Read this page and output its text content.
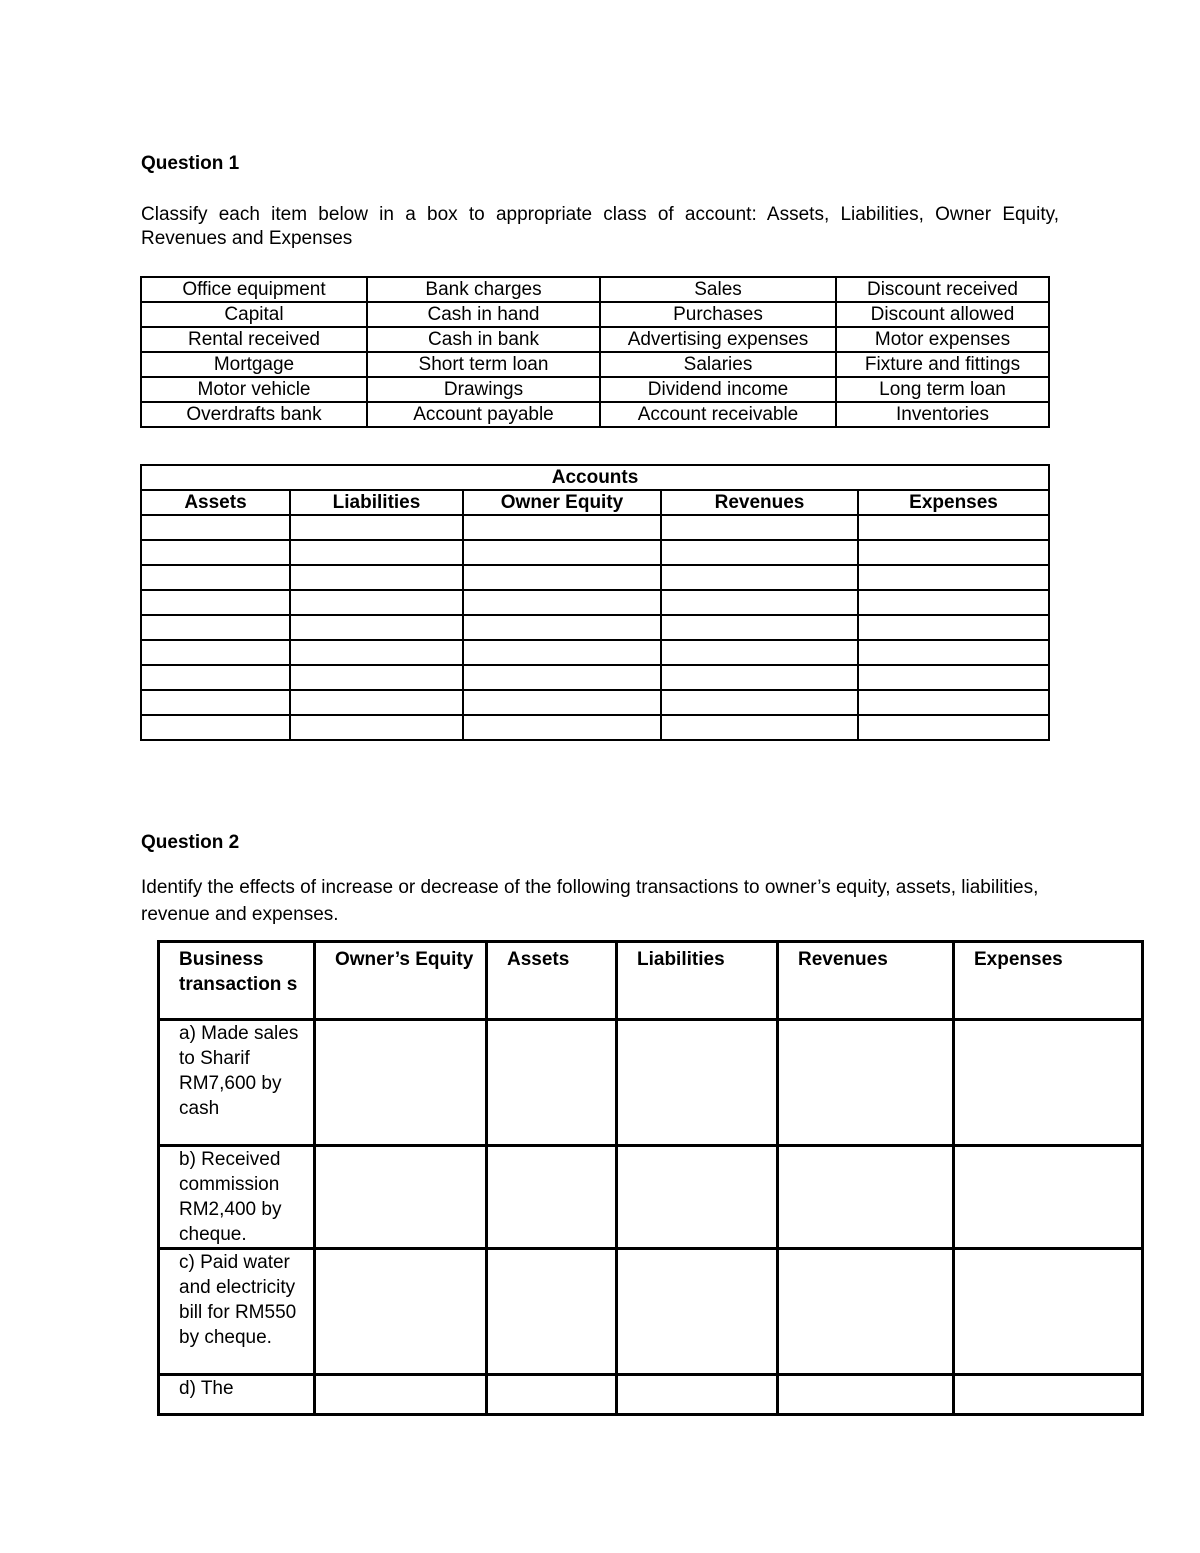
Question 1

Classify each item below in a box to appropriate class of account: Assets, Liabilities, Owner Equity, Revenues and Expenses

Office equipment	Bank charges	Sales	Discount received
Capital	Cash in hand	Purchases	Discount allowed
Rental received	Cash in bank	Advertising expenses	Motor expenses
Mortgage	Short term loan	Salaries	Fixture and fittings
Motor vehicle	Drawings	Dividend income	Long term loan
Overdrafts bank	Account payable	Account receivable	Inventories
Accounts				
Assets	Liabilities	Owner Equity	Revenues	Expenses

Question 2

Identify the effects of increase or decrease of the following transactions to owner’s equity, assets, liabilities, revenue and expenses.

Business transaction s	Owner’s Equity	Assets	Liabilities	Revenues	Expenses

a) Made sales to Sharif RM7,600 by cash					

b) Received commission RM2,400 by cheque.					

c) Paid water and electricity bill for RM550 by cheque.					

d) The					
